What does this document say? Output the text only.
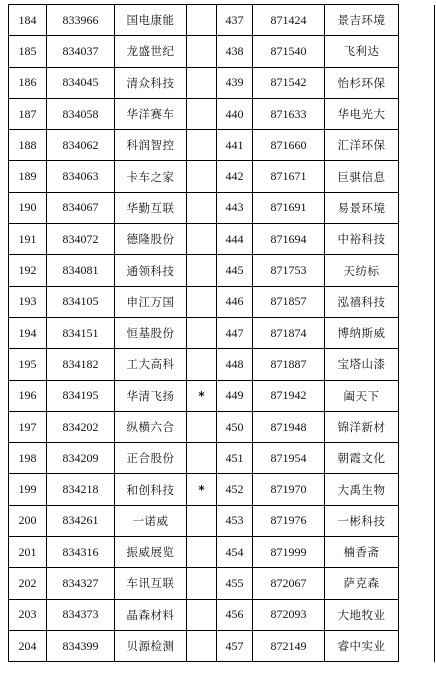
184	833966	国电康能		437	871424	景吉环境	
185	834037	龙盛世纪		438	871540	飞利达	
186	834045	清众科技		439	871542	怡杉环保	
187	834058	华洋赛车		440	871633	华电光大	
188	834062	科润智控		441	871660	汇洋环保	
189	834063	卡车之家		442	871671	巨骐信息	
190	834067	华勤互联		443	871691	易景环境	
191	834072	德隆股份		444	871694	中裕科技	
192	834081	通领科技		445	871753	天纺标	
193	834105	申江万国		446	871857	泓禧科技	
194	834151	恒基股份		447	871874	博纳斯威	
195	834182	工大高科		448	871887	宝塔山漆	
196	834195	华清飞扬	*	449	871942	阖天下	
197	834202	纵横六合		450	871948	锦洋新材	
198	834209	正合股份		451	871954	朝霞文化	
199	834218	和创科技	*	452	871970	大禹生物	
200	834261	一诺威		453	871976	一彬科技	
201	834316	振威展览		454	871999	楠香斋	
202	834327	车讯互联		455	872067	萨克森	
203	834373	晶森材料		456	872093	大地牧业	
204	834399	贝源检测		457	872149	睿中实业	
